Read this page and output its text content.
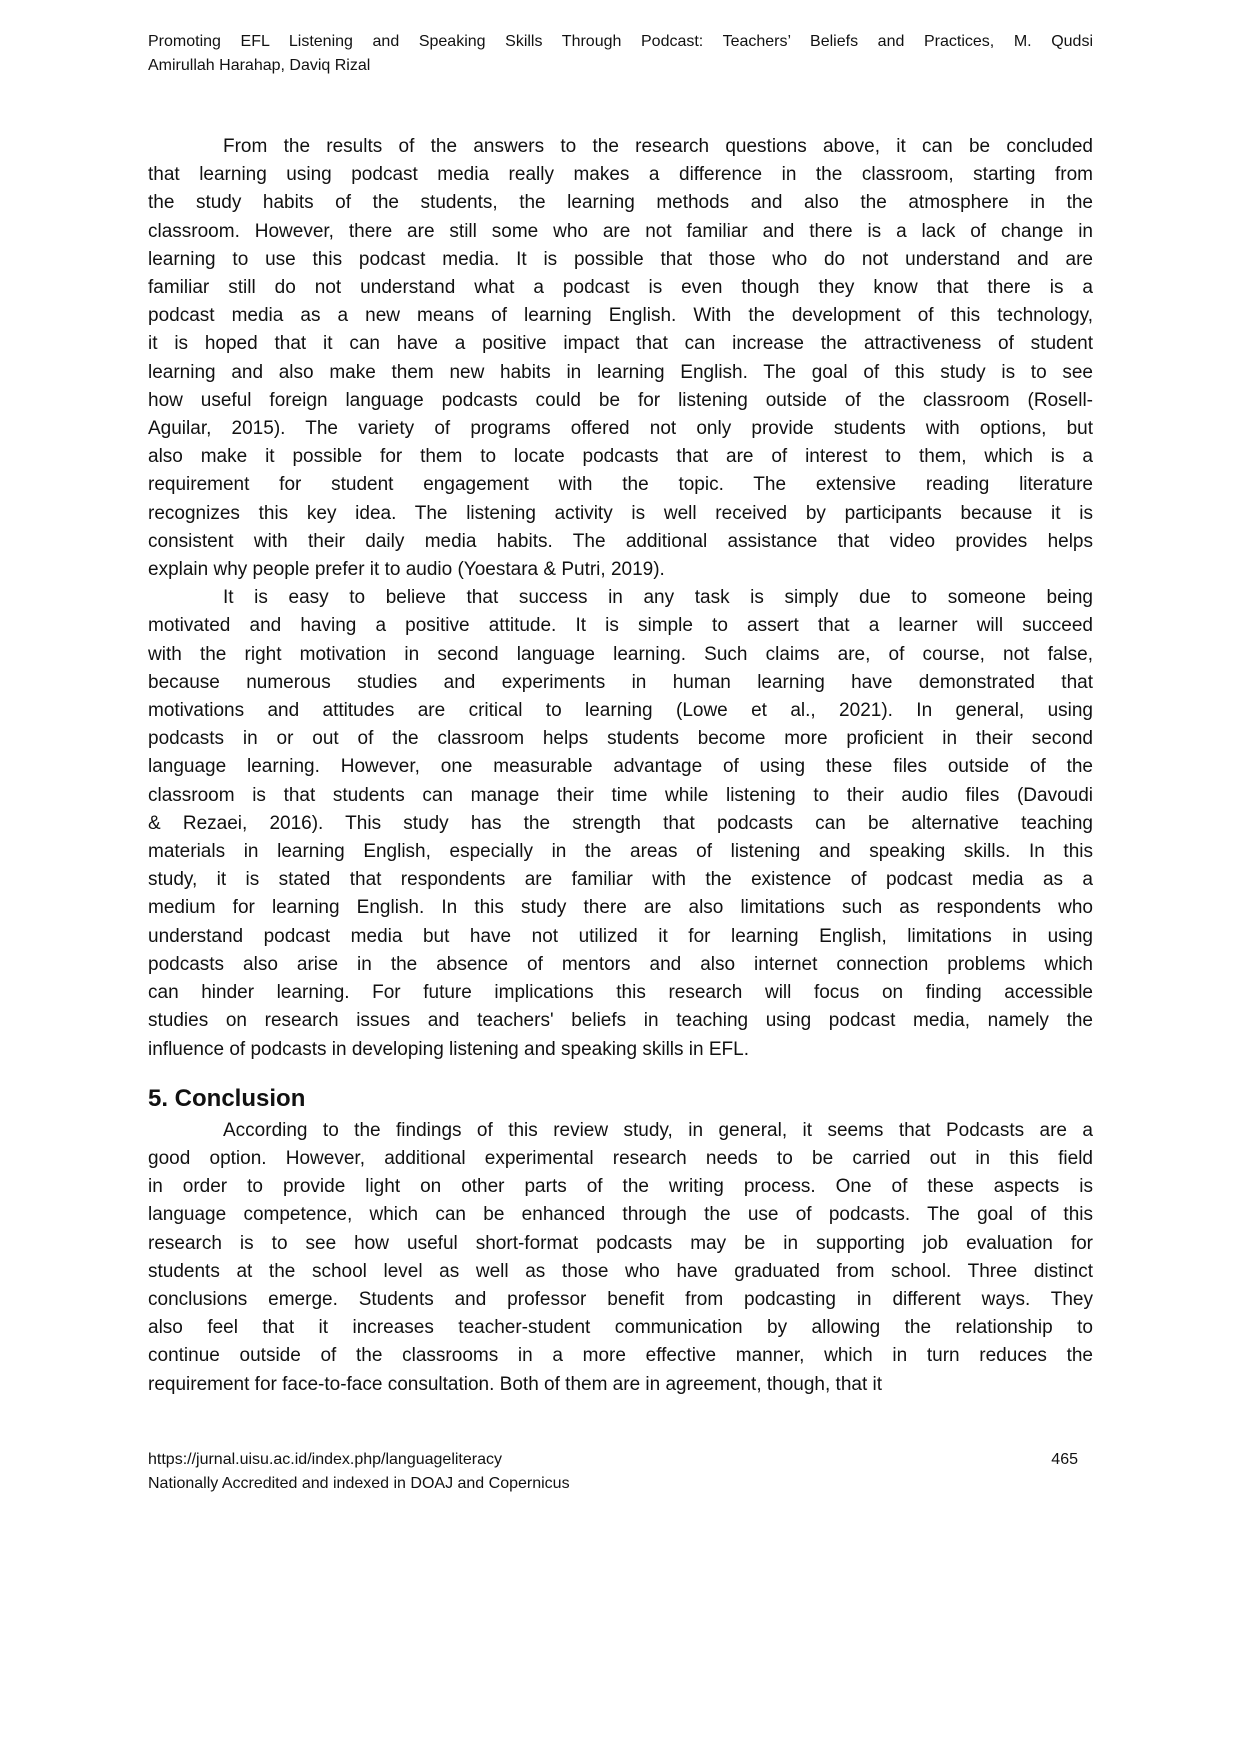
Promoting EFL Listening and Speaking Skills Through Podcast: Teachers’ Beliefs and Practices, M. Qudsi
Amirullah Harahap, Daviq Rizal
From the results of the answers to the research questions above, it can be concluded
that learning using podcast media really makes a difference in the classroom, starting from
the study habits of the students, the learning methods and also the atmosphere in the
classroom. However, there are still some who are not familiar and there is a lack of change in
learning to use this podcast media. It is possible that those who do not understand and are
familiar still do not understand what a podcast is even though they know that there is a
podcast media as a new means of learning English. With the development of this technology,
it is hoped that it can have a positive impact that can increase the attractiveness of student
learning and also make them new habits in learning English. The goal of this study is to see
how useful foreign language podcasts could be for listening outside of the classroom (Rosell-
Aguilar, 2015). The variety of programs offered not only provide students with options, but
also make it possible for them to locate podcasts that are of interest to them, which is a
requirement for student engagement with the topic. The extensive reading literature
recognizes this key idea. The listening activity is well received by participants because it is
consistent with their daily media habits. The additional assistance that video provides helps
explain why people prefer it to audio (Yoestara & Putri, 2019).
It is easy to believe that success in any task is simply due to someone being
motivated and having a positive attitude. It is simple to assert that a learner will succeed
with the right motivation in second language learning. Such claims are, of course, not false,
because numerous studies and experiments in human learning have demonstrated that
motivations and attitudes are critical to learning (Lowe et al., 2021). In general, using
podcasts in or out of the classroom helps students become more proficient in their second
language learning. However, one measurable advantage of using these files outside of the
classroom is that students can manage their time while listening to their audio files (Davoudi
& Rezaei, 2016). This study has the strength that podcasts can be alternative teaching
materials in learning English, especially in the areas of listening and speaking skills. In this
study, it is stated that respondents are familiar with the existence of podcast media as a
medium for learning English. In this study there are also limitations such as respondents who
understand podcast media but have not utilized it for learning English, limitations in using
podcasts also arise in the absence of mentors and also internet connection problems which
can hinder learning. For future implications this research will focus on finding accessible
studies on research issues and teachers' beliefs in teaching using podcast media, namely the
influence of podcasts in developing listening and speaking skills in EFL.
5. Conclusion
According to the findings of this review study, in general, it seems that Podcasts are a
good option. However, additional experimental research needs to be carried out in this field
in order to provide light on other parts of the writing process. One of these aspects is
language competence, which can be enhanced through the use of podcasts. The goal of this
research is to see how useful short-format podcasts may be in supporting job evaluation for
students at the school level as well as those who have graduated from school. Three distinct
conclusions emerge. Students and professor benefit from podcasting in different ways. They
also feel that it increases teacher-student communication by allowing the relationship to
continue outside of the classrooms in a more effective manner, which in turn reduces the
requirement for face-to-face consultation. Both of them are in agreement, though, that it
https://jurnal.uisu.ac.id/index.php/languageliteracy	465
Nationally Accredited and indexed in DOAJ and Copernicus
